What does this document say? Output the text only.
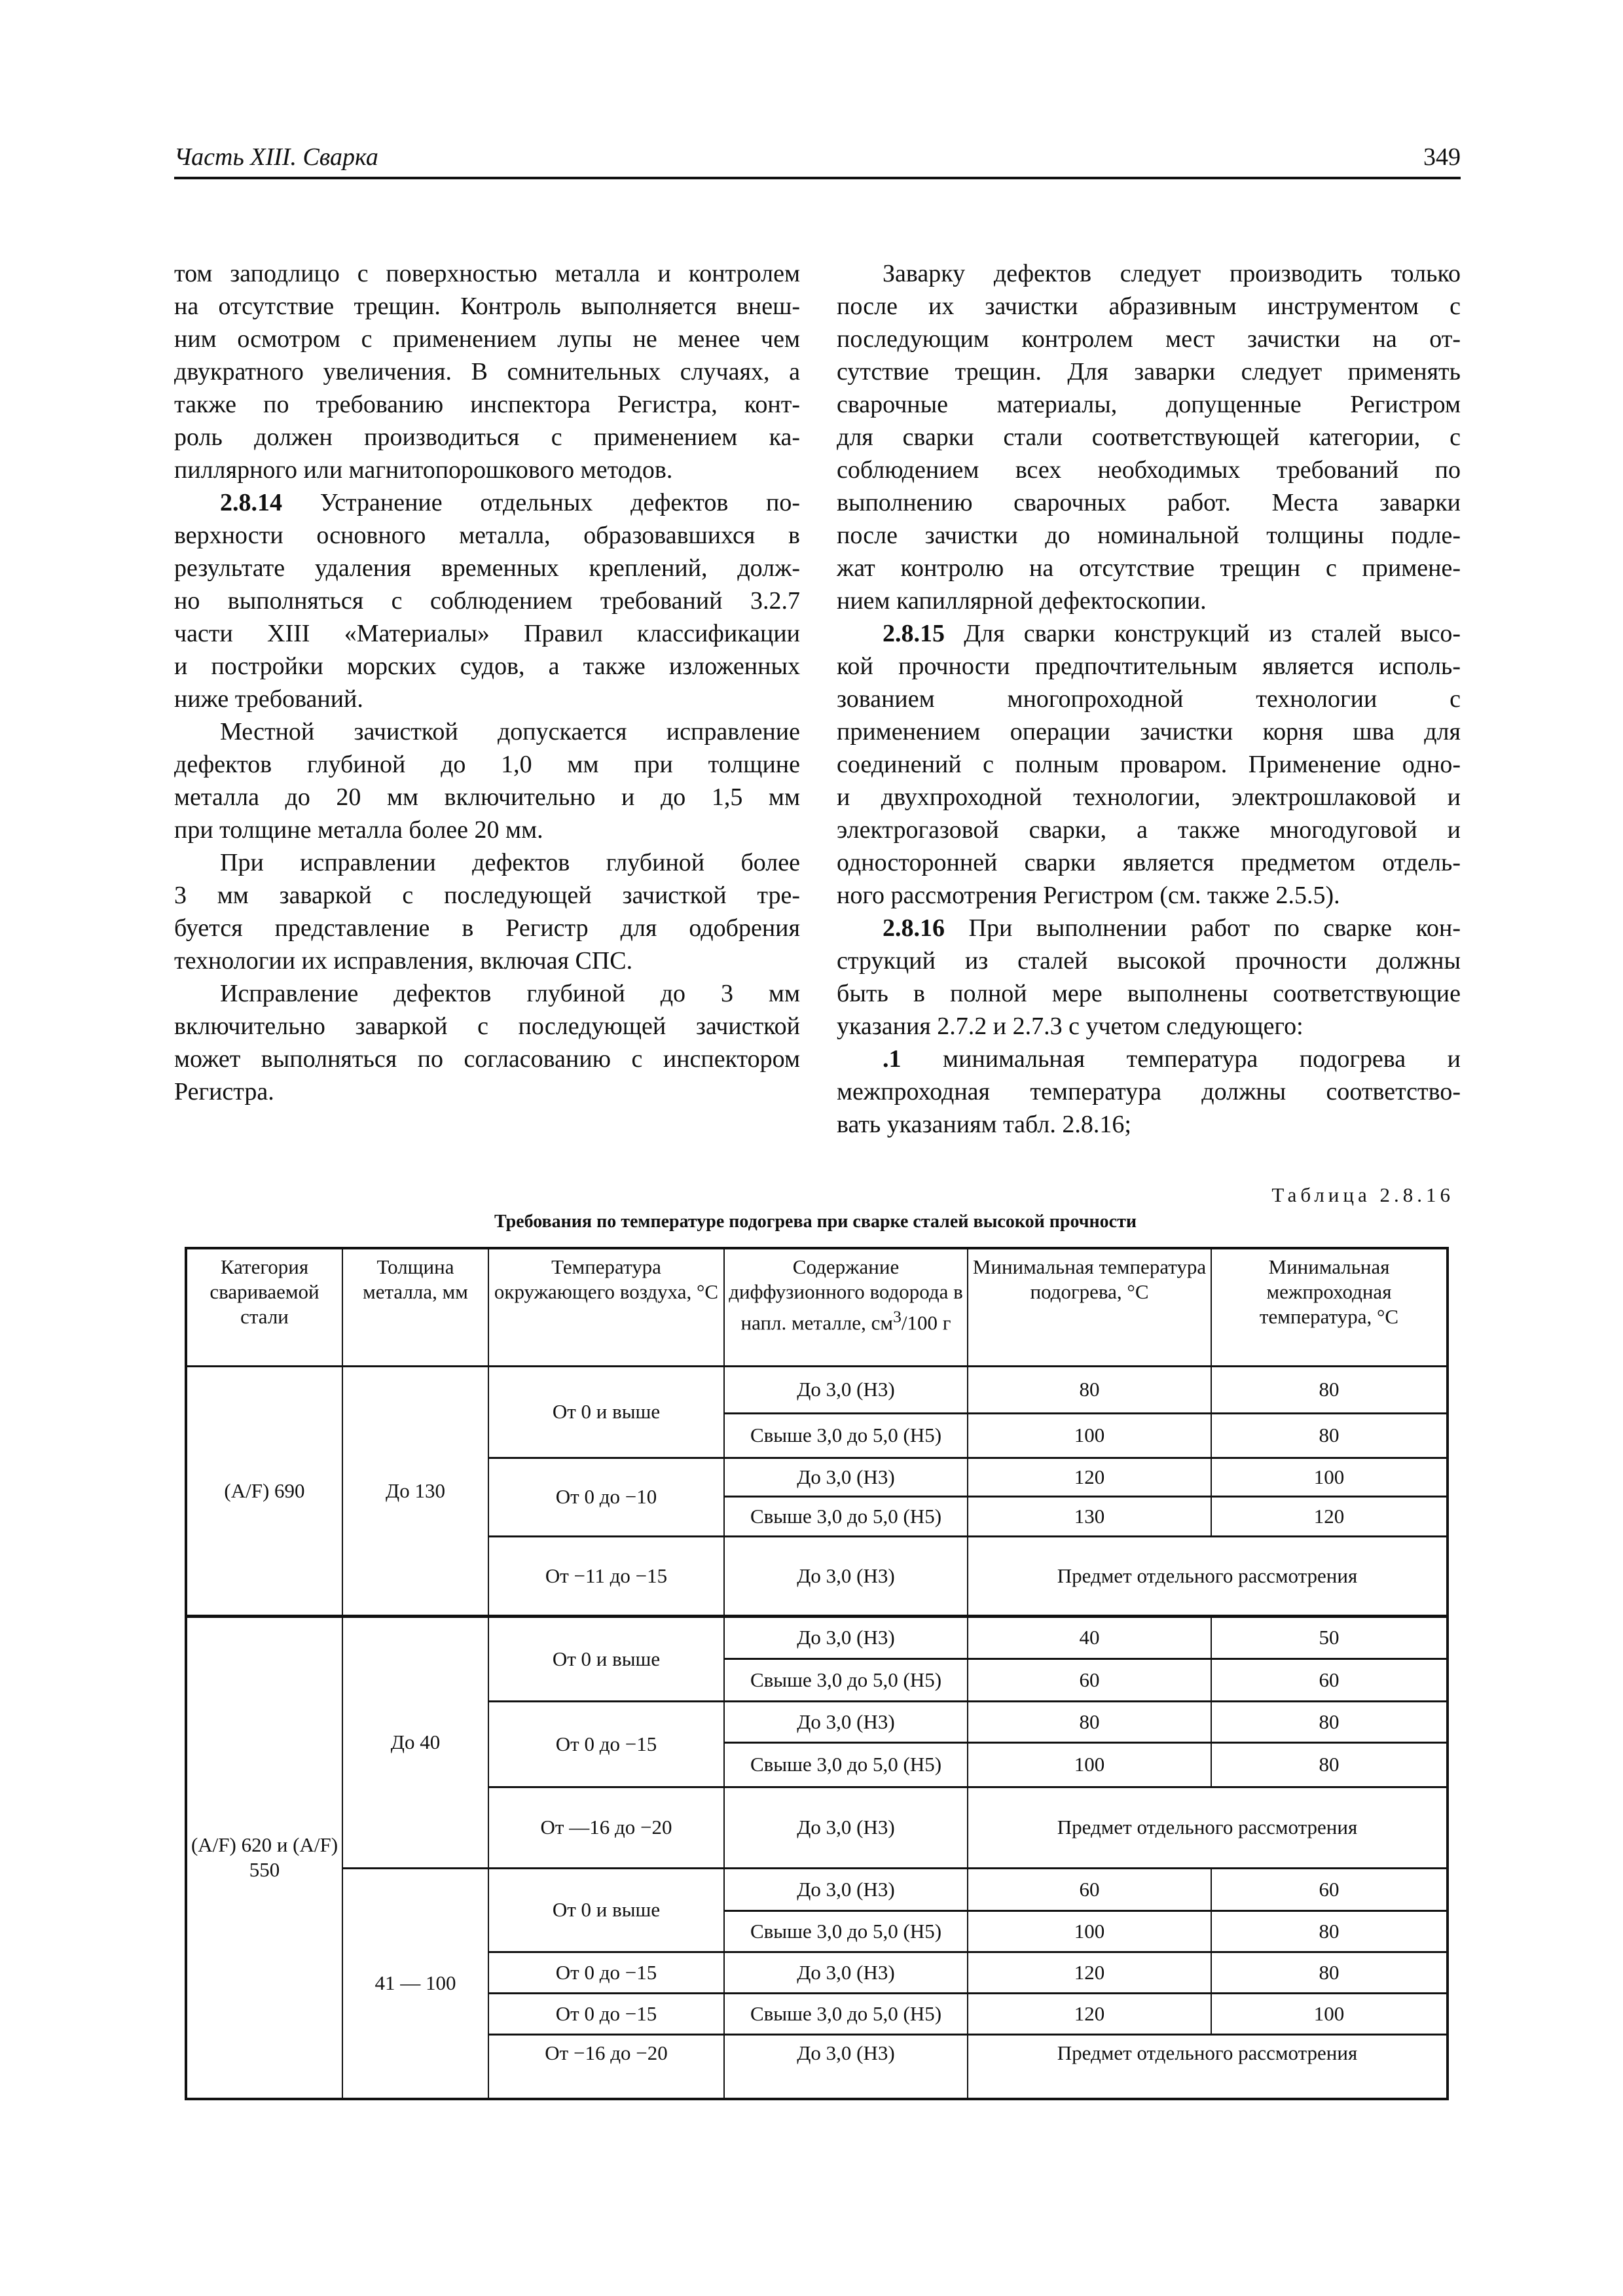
Часть XIII. Сварка	349
том заподлицо с поверхностью металла и контролем
на отсутствие трещин. Контроль выполняется внеш-
ним осмотром с применением лупы не менее чем
двукратного увеличения. В сомнительных случаях, а
также по требованию инспектора Регистра, конт-
роль должен производиться с применением ка-
пиллярного или магнитопорошкового методов.
2.8.14 Устранение отдельных дефектов по-
верхности основного металла, образовавшихся в
результате удаления временных креплений, долж-
но выполняться с соблюдением требований 3.2.7
части XIII «Материалы» Правил классификации
и постройки морских судов, а также изложенных
ниже требований.
Местной зачисткой допускается исправление
дефектов глубиной до 1,0 мм при толщине
металла до 20 мм включительно и до 1,5 мм
при толщине металла более 20 мм.
При исправлении дефектов глубиной более
3 мм заваркой с последующей зачисткой тре-
буется представление в Регистр для одобрения
технологии их исправления, включая СПС.
Исправление дефектов глубиной до 3 мм
включительно заваркой с последующей зачисткой
может выполняться по согласованию с инспектором
Регистра.
Заварку дефектов следует производить только
после их зачистки абразивным инструментом с
последующим контролем мест зачистки на от-
сутствие трещин. Для заварки следует применять
сварочные материалы, допущенные Регистром
для сварки стали соответствующей категории, с
соблюдением всех необходимых требований по
выполнению сварочных работ. Места заварки
после зачистки до номинальной толщины подле-
жат контролю на отсутствие трещин с примене-
нием капиллярной дефектоскопии.
2.8.15 Для сварки конструкций из сталей высо-
кой прочности предпочтительным является исполь-
зованием многопроходной технологии с
применением операции зачистки корня шва для
соединений с полным проваром. Применение одно-
и двухпроходной технологии, электрошлаковой и
электрогазовой сварки, а также многодуговой и
односторонней сварки является предметом отдель-
ного рассмотрения Регистром (см. также 2.5.5).
2.8.16 При выполнении работ по сварке кон-
струкций из сталей высокой прочности должны
быть в полной мере выполнены соответствующие
указания 2.7.2 и 2.7.3 с учетом следующего:
.1 минимальная температура подогрева и
межпроходная температура должны соответство-
вать указаниям табл. 2.8.16;
Таблица 2.8.16
Требования по температуре подогрева при сварке сталей высокой прочности
Категория свариваемой стали	Толщина металла, мм	Температура окружающего воздуха, °С	Содержание диффузионного водорода в напл. металле, $см^3/100$ г	Минимальная температура подогрева, °С	Минимальная межпроходная температура, °С
(A/F) 690	До 130	От 0 и выше	До 3,0 (Н3)	80	80
			Свыше 3,0 до 5,0 (Н5)	100	80
		От 0 до −10	До 3,0 (Н3)	120	100
			Свыше 3,0 до 5,0 (Н5)	130	120
		От −11 до −15	До 3,0 (Н3)	Предмет отдельного рассмотрения	
(A/F) 620 и (A/F) 550	До 40	От 0 и выше	До 3,0 (Н3)	40	50
			Свыше 3,0 до 5,0 (Н5)	60	60
		От 0 до −15	До 3,0 (Н3)	80	80
			Свыше 3,0 до 5,0 (Н5)	100	80
		От —16 до −20	До 3,0 (Н3)	Предмет отдельного рассмотрения	
	41 — 100	От 0 и выше	До 3,0 (Н3)	60	60
			Свыше 3,0 до 5,0 (Н5)	100	80
		От 0 до −15	До 3,0 (Н3)	120	80
		От 0 до −15	Свыше 3,0 до 5,0 (Н5)	120	100
		От −16 до −20	До 3,0 (Н3)	Предмет отдельного рассмотрения	
